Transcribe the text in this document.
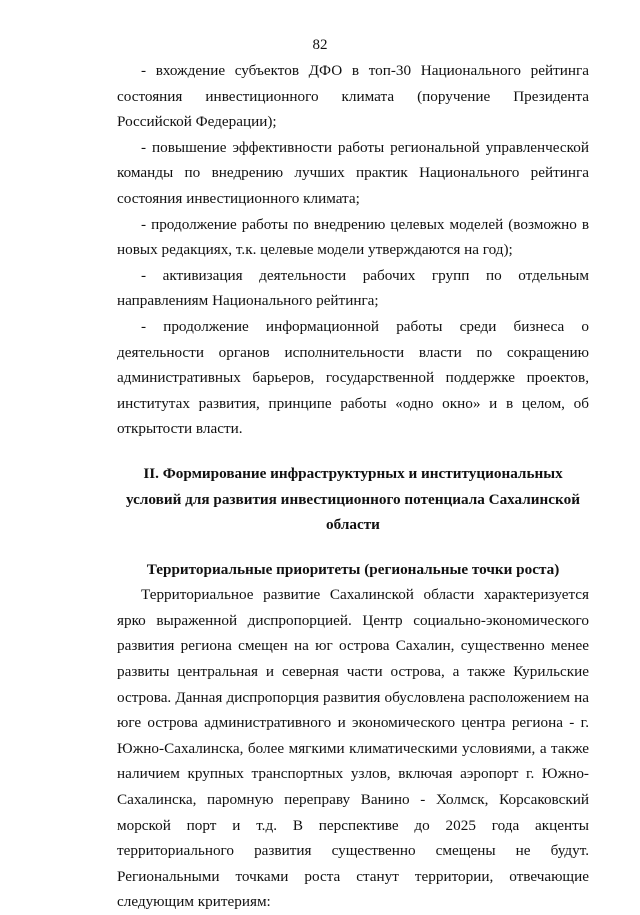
82

- вхождение субъектов ДФО в топ-30 Национального рейтинга состояния инвестиционного климата (поручение Президента Российской Федерации);

- повышение эффективности работы региональной управленческой команды по внедрению лучших практик Национального рейтинга состояния инвестиционного климата;

- продолжение работы по внедрению целевых моделей (возможно в новых редакциях, т.к. целевые модели утверждаются на год);

- активизация деятельности рабочих групп по отдельным направлениям Национального рейтинга;

- продолжение информационной работы среди бизнеса о деятельности органов исполнительности власти по сокращению административных барьеров, государственной поддержке проектов, институтах развития, принципе работы «одно окно» и в целом, об открытости власти.

II. Формирование инфраструктурных и институциональных условий для развития инвестиционного потенциала Сахалинской области
Территориальные приоритеты (региональные точки роста)

Территориальное развитие Сахалинской области характеризуется ярко выраженной диспропорцией. Центр социально-экономического развития региона смещен на юг острова Сахалин, существенно менее развиты центральная и северная части острова, а также Курильские острова. Данная диспропорция развития обусловлена расположением на юге острова административного и экономического центра региона - г. Южно-Сахалинска, более мягкими климатическими условиями, а также наличием крупных транспортных узлов, включая аэропорт г. Южно-Сахалинска, паромную переправу Ванино - Холмск, Корсаковский морской порт и т.д. В перспективе до 2025 года акценты территориального развития существенно смещены не будут. Региональными точками роста станут территории, отвечающие следующим критериям:
